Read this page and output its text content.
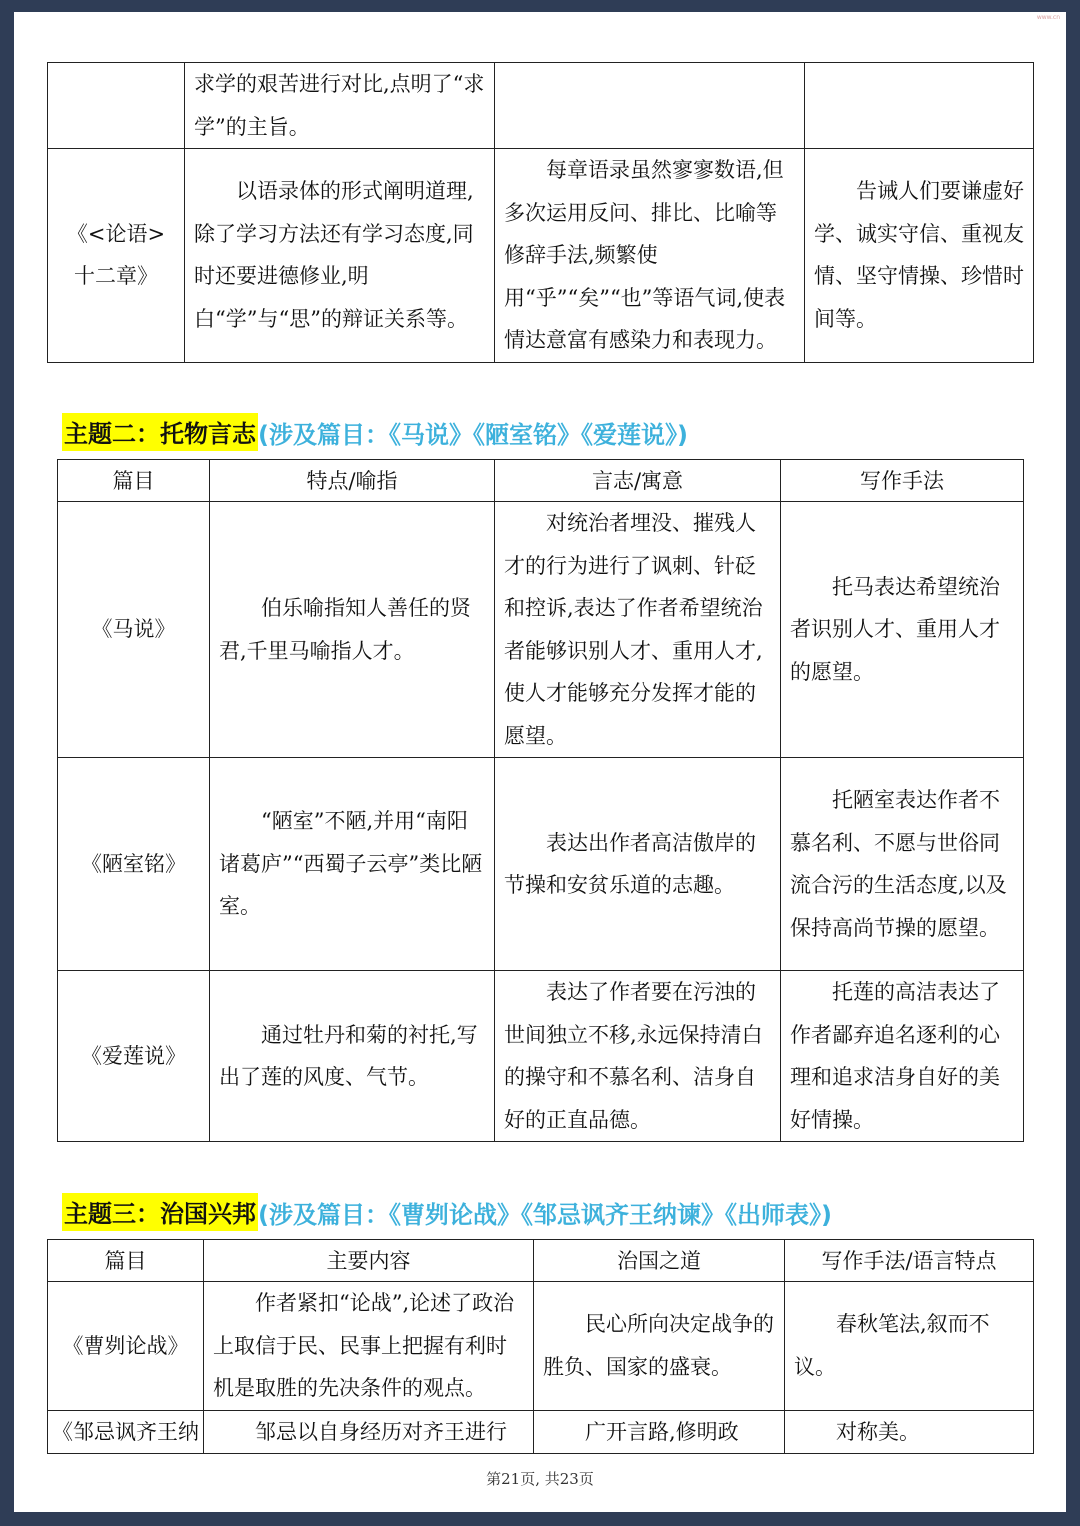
www.cn
	求学的艰苦进行对比,点明了“求学”的主旨。		
《<论语>十二章》	以语录体的形式阐明道理,除了学习方法还有学习态度,同时还要进德修业,明白“学”与“思”的辩证关系等。	每章语录虽然寥寥数语,但多次运用反问、排比、比喻等修辞手法,频繁使用“乎”“矣”“也”等语气词,使表情达意富有感染力和表现力。	告诫人们要谦虚好学、诚实守信、重视友情、坚守情操、珍惜时间等。
主题二：托物言志 (涉及篇目：《马说》《陋室铭》《爱莲说》)
篇目	特点/喻指	言志/寓意	写作手法
《马说》	伯乐喻指知人善任的贤君,千里马喻指人才。	对统治者埋没、摧残人才的行为进行了讽刺、针砭和控诉,表达了作者希望统治者能够识别人才、重用人才,使人才能够充分发挥才能的愿望。	托马表达希望统治者识别人才、重用人才的愿望。
《陋室铭》	“陋室”不陋,并用“南阳诸葛庐”“西蜀子云亭”类比陋室。	表达出作者高洁傲岸的节操和安贫乐道的志趣。	托陋室表达作者不慕名利、不愿与世俗同流合污的生活态度,以及保持高尚节操的愿望。
《爱莲说》	通过牡丹和菊的衬托,写出了莲的风度、气节。	表达了作者要在污浊的世间独立不移,永远保持清白的操守和不慕名利、洁身自好的正直品德。	托莲的高洁表达了作者鄙弃追名逐利的心理和追求洁身自好的美好情操。
主题三：治国兴邦 (涉及篇目：《曹刿论战》《邹忌讽齐王纳谏》《出师表》)
篇目	主要内容	治国之道	写作手法/语言特点
《曹刿论战》	作者紧扣“论战”,论述了政治上取信于民、民事上把握有利时机是取胜的先决条件的观点。	民心所向决定战争的胜负、国家的盛衰。	春秋笔法,叙而不议。
《邹忌讽齐王纳	邹忌以自身经历对齐王进行	广开言路,修明政	对称美。
第21页, 共23页
